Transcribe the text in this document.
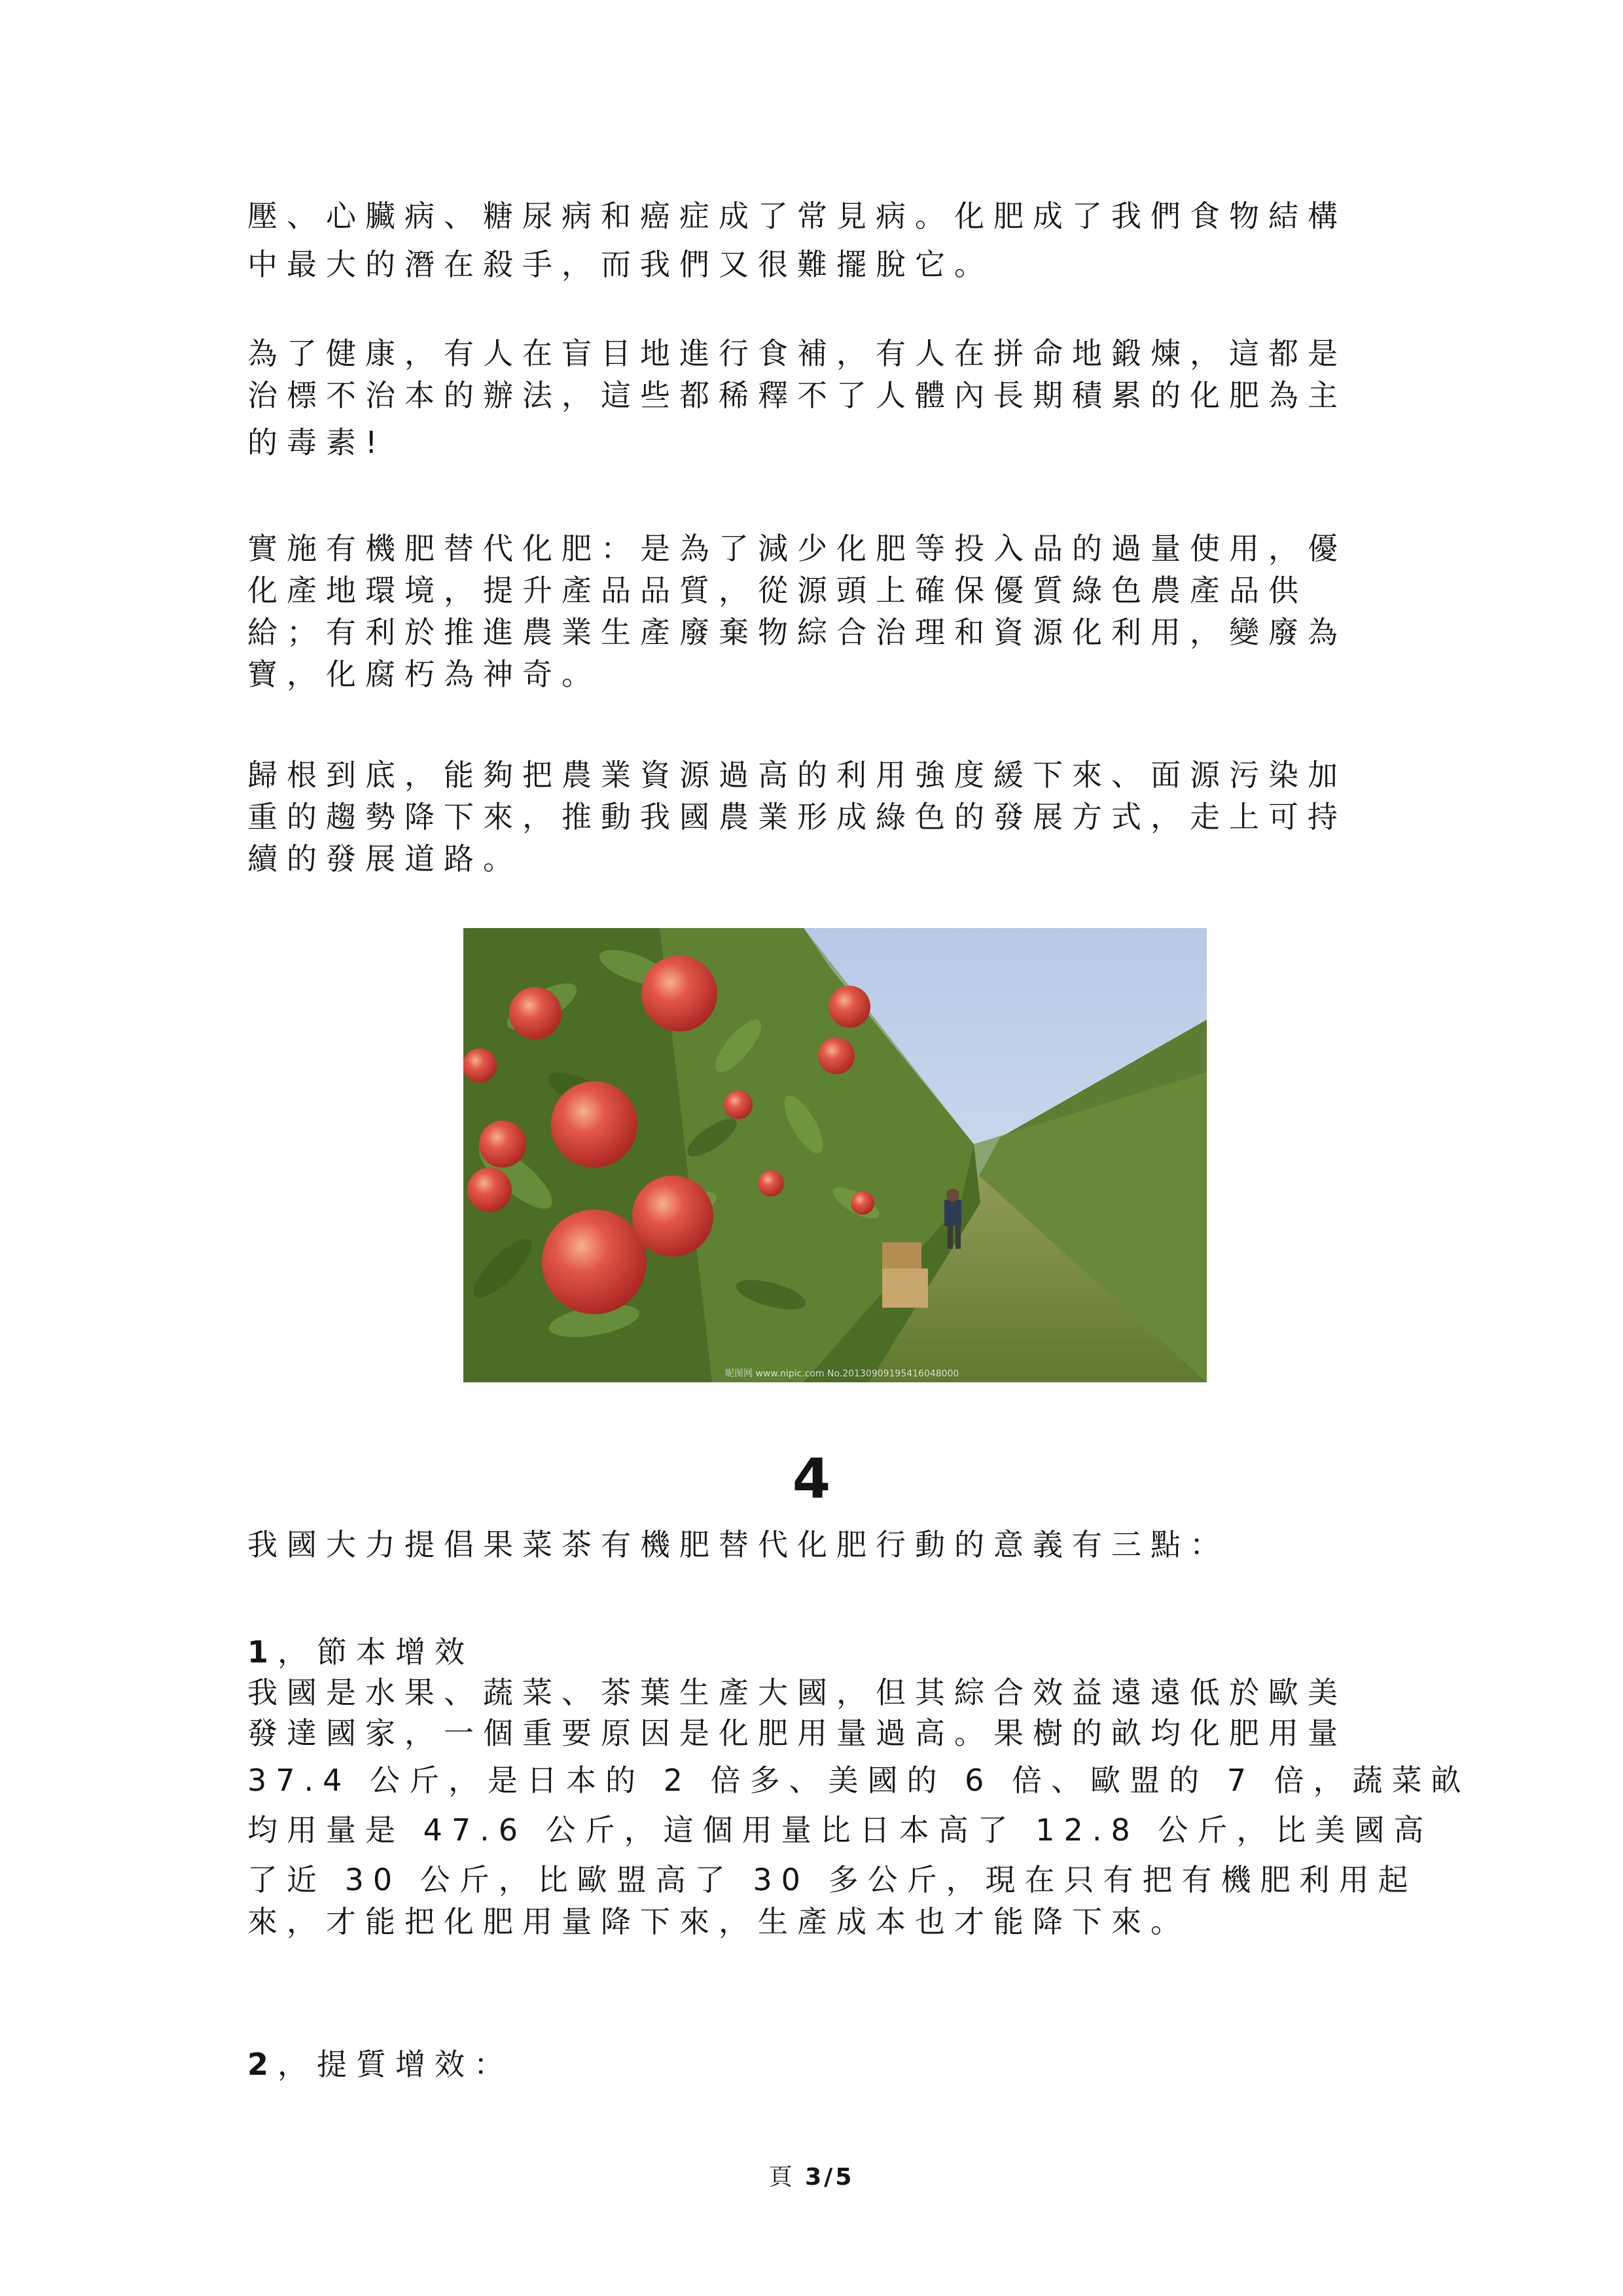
壓、心臟病、糖尿病和癌症成了常見病。化肥成了我們食物結構
中最大的潛在殺手，而我們又很難擺脫它。

為了健康，有人在盲目地進行食補，有人在拼命地鍛煉，這都是
治標不治本的辦法，這些都稀釋不了人體內長期積累的化肥為主
的毒素!

實施有機肥替代化肥：是為了減少化肥等投入品的過量使用，優
化產地環境，提升產品品質，從源頭上確保優質綠色農產品供
給；有利於推進農業生產廢棄物綜合治理和資源化利用，變廢為
寶，化腐朽為神奇。

歸根到底，能夠把農業資源過高的利用強度緩下來、面源污染加
重的趨勢降下來，推動我國農業形成綠色的發展方式，走上可持
續的發展道路。

昵图网 www.nipic.com No.20130909195416048000
4

我國大力提倡果菜茶有機肥替代化肥行動的意義有三點：

1，節本增效
我國是水果、蔬菜、茶葉生產大國，但其綜合效益遠遠低於歐美
發達國家，一個重要原因是化肥用量過高。果樹的畝均化肥用量
37.4 公斤，是日本的 2 倍多、美國的 6 倍、歐盟的 7 倍，蔬菜畝
均用量是 47.6 公斤，這個用量比日本高了 12.8 公斤，比美國高
了近 30 公斤，比歐盟高了 30 多公斤，現在只有把有機肥利用起
來，才能把化肥用量降下來，生產成本也才能降下來。

2，提質增效：

頁 3/5
